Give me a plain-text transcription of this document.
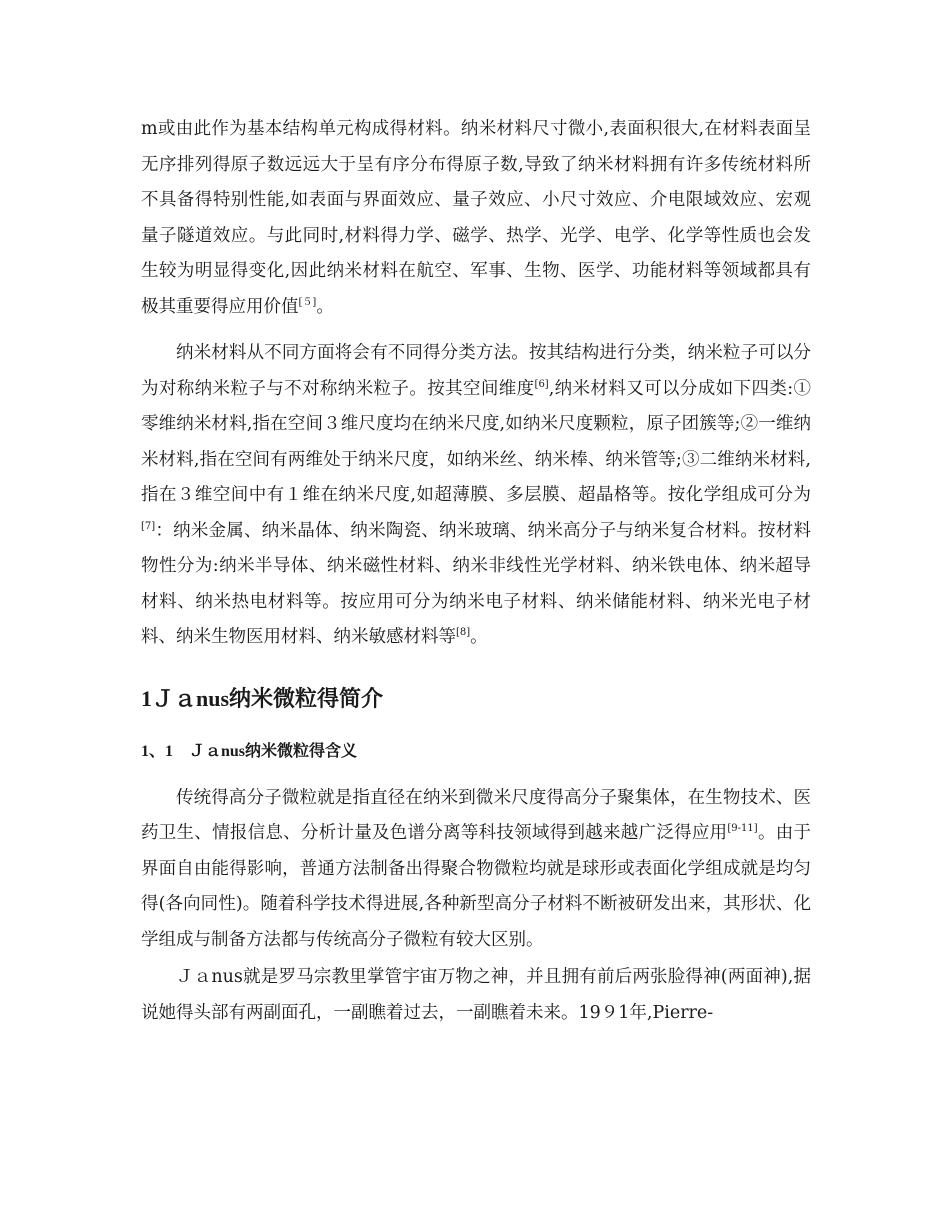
m或由此作为基本结构单元构成得材料。纳米材料尺寸微小,表面积很大,在材料表面呈无序排列得原子数远远大于呈有序分布得原子数,导致了纳米材料拥有许多传统材料所不具备得特别性能,如表面与界面效应、量子效应、小尺寸效应、介电限域效应、宏观量子隧道效应。与此同时,材料得力学、磁学、热学、光学、电学、化学等性质也会发生较为明显得变化,因此纳米材料在航空、军事、生物、医学、功能材料等领域都具有极其重要得应用价值[５]。

纳米材料从不同方面将会有不同得分类方法。按其结构进行分类，纳米粒子可以分为对称纳米粒子与不对称纳米粒子。按其空间维度[6],纳米材料又可以分成如下四类:①零维纳米材料,指在空间３维尺度均在纳米尺度,如纳米尺度颗粒，原子团簇等;②一维纳米材料,指在空间有两维处于纳米尺度，如纳米丝、纳米棒、纳米管等;③二维纳米材料,指在３维空间中有１维在纳米尺度,如超薄膜、多层膜、超晶格等。按化学组成可分为[7]：纳米金属、纳米晶体、纳米陶瓷、纳米玻璃、纳米高分子与纳米复合材料。按材料物性分为:纳米半导体、纳米磁性材料、纳米非线性光学材料、纳米铁电体、纳米超导材料、纳米热电材料等。按应用可分为纳米电子材料、纳米储能材料、纳米光电子材料、纳米生物医用材料、纳米敏感材料等[8]。

1Ｊａnus纳米微粒得简介
1、1　Ｊａnus纳米微粒得含义

传统得高分子微粒就是指直径在纳米到微米尺度得高分子聚集体，在生物技术、医药卫生、情报信息、分析计量及色谱分离等科技领域得到越来越广泛得应用[9-11]。由于界面自由能得影响，普通方法制备出得聚合物微粒均就是球形或表面化学组成就是均匀得(各向同性)。随着科学技术得进展,各种新型高分子材料不断被研发出来，其形状、化学组成与制备方法都与传统高分子微粒有较大区别。

Ｊａnus就是罗马宗教里掌管宇宙万物之神，并且拥有前后两张脸得神(两面神),据说她得头部有两副面孔，一副瞧着过去，一副瞧着未来。19９1年,Pierre-
